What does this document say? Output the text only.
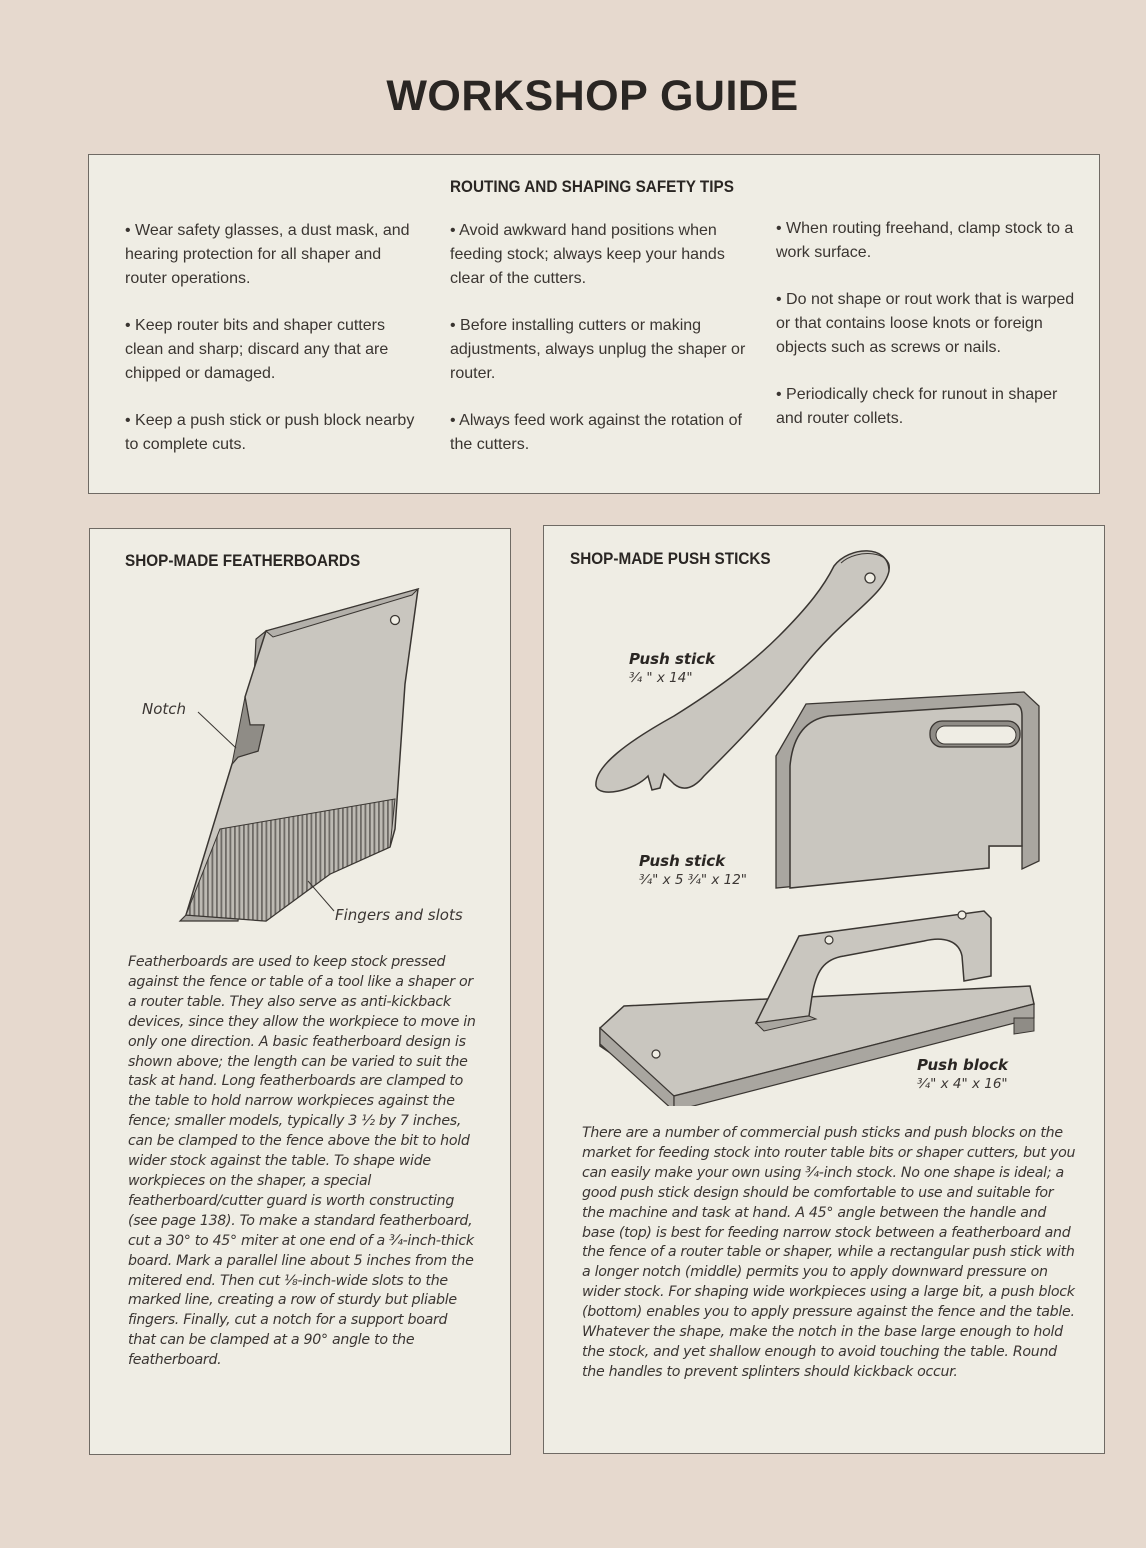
WORKSHOP GUIDE
ROUTING AND SHAPING SAFETY TIPS
• Wear safety glasses, a dust mask, and hearing protection for all shaper and router operations.
• Keep router bits and shaper cutters clean and sharp; discard any that are chipped or damaged.
• Keep a push stick or push block nearby to complete cuts.
• Avoid awkward hand positions when feeding stock; always keep your hands clear of the cutters.
• Before installing cutters or making adjustments, always unplug the shaper or router.
• Always feed work against the rotation of the cutters.
• When routing freehand, clamp stock to a work surface.
• Do not shape or rout work that is warped or that contains loose knots or foreign objects such as screws or nails.
• Periodically check for runout in shaper and router collets.
SHOP-MADE FEATHERBOARDS
Notch
Fingers and slots
Featherboards are used to keep stock pressed against the fence or table of a tool like a shaper or a router table. They also serve as anti-kickback devices, since they allow the workpiece to move in only one direction. A basic featherboard design is shown above; the length can be varied to suit the task at hand. Long featherboards are clamped to the table to hold narrow workpieces against the fence; smaller models, typically 3 ½ by 7 inches, can be clamped to the fence above the bit to hold wider stock against the table. To shape wide workpieces on the shaper, a special featherboard/cutter guard is worth constructing (see page 138). To make a standard featherboard, cut a 30° to 45° miter at one end of a ¾-inch-thick board. Mark a parallel line about 5 inches from the mitered end. Then cut ⅛-inch-wide slots to the marked line, creating a row of sturdy but pliable fingers. Finally, cut a notch for a support board that can be clamped at a 90° angle to the featherboard.
SHOP-MADE PUSH STICKS
Push stick
¾ " x 14"
Push stick
¾" x 5 ¾" x 12"
Push block
¾" x 4" x 16"
There are a number of commercial push sticks and push blocks on the market for feeding stock into router table bits or shaper cutters, but you can easily make your own using ¾-inch stock. No one shape is ideal; a good push stick design should be comfortable to use and suitable for the machine and task at hand. A 45° angle between the handle and base (top) is best for feeding narrow stock between a featherboard and the fence of a router table or shaper, while a rectangular push stick with a longer notch (middle) permits you to apply downward pressure on wider stock. For shaping wide workpieces using a large bit, a push block (bottom) enables you to apply pressure against the fence and the table. Whatever the shape, make the notch in the base large enough to hold the stock, and yet shallow enough to avoid touching the table. Round the handles to prevent splinters should kickback occur.
